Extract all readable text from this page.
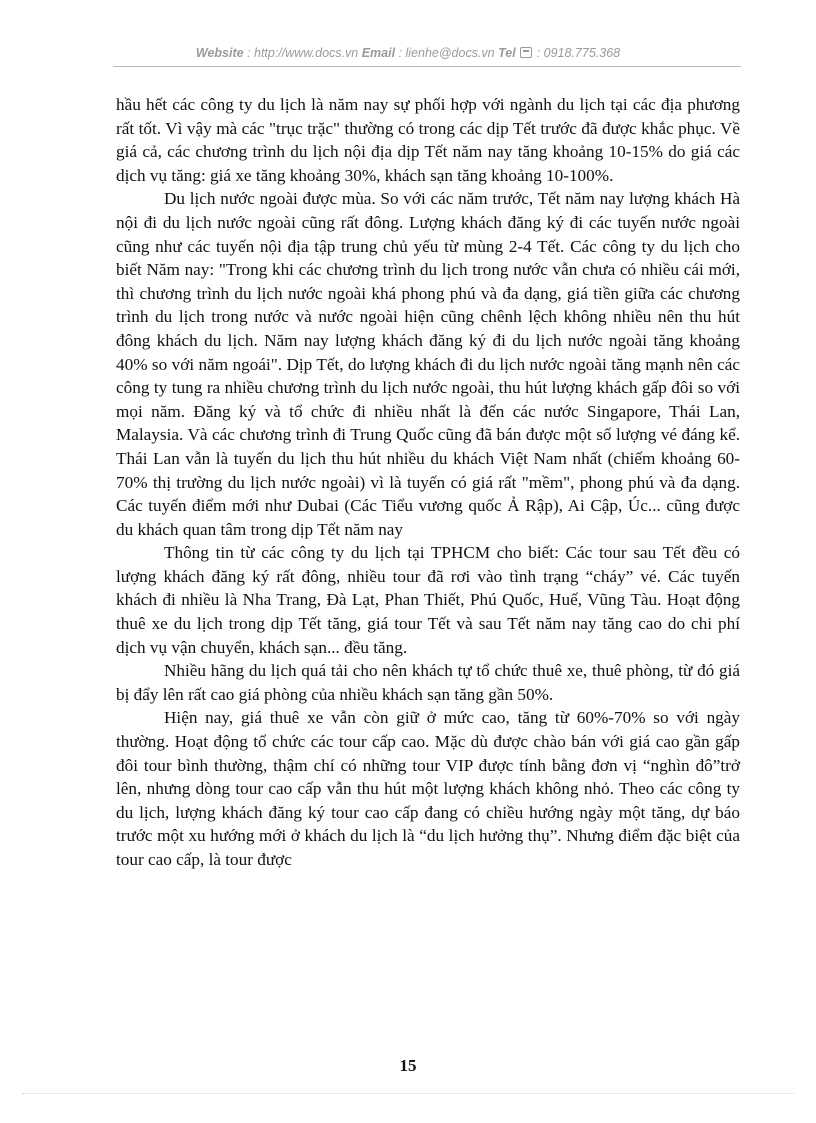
Website : http://www.docs.vn Email : lienhe@docs.vn Tel : 0918.775.368

hầu hết các công ty du lịch là năm nay sự phối hợp với ngành du lịch tại các địa phương rất tốt. Vì vậy mà các "trục trặc" thường có trong các dịp Tết trước đã được khắc phục. Về giá cả, các chương trình du lịch nội địa dịp Tết năm nay tăng khoảng 10-15% do giá các dịch vụ tăng: giá xe tăng khoảng 30%, khách sạn tăng khoảng 10-100%.

Du lịch nước ngoài được mùa. So với các năm trước, Tết năm nay lượng khách Hà nội đi du lịch nước ngoài cũng rất đông. Lượng khách đăng ký đi các tuyến nước ngoài cũng như các tuyến nội địa tập trung chủ yếu từ mùng 2-4 Tết. Các công ty du lịch cho biết Năm nay: "Trong khi các chương trình du lịch trong nước vẫn chưa có nhiều cái mới, thì chương trình du lịch nước ngoài khá phong phú và đa dạng, giá tiền giữa các chương trình du lịch trong nước và nước ngoài hiện cũng chênh lệch không nhiều nên thu hút đông khách du lịch. Năm nay lượng khách đăng ký đi du lịch nước ngoài tăng khoảng 40% so với năm ngoái". Dịp Tết, do lượng khách đi du lịch nước ngoài tăng mạnh nên các công ty tung ra nhiều chương trình du lịch nước ngoài, thu hút lượng khách gấp đôi so với mọi năm. Đăng ký và tổ chức đi nhiều nhất là đến các nước Singapore, Thái Lan, Malaysia. Và các chương trình đi Trung Quốc cũng đã bán được một số lượng vé đáng kể. Thái Lan vẫn là tuyến du lịch thu hút nhiều du khách Việt Nam nhất (chiếm khoảng 60-70% thị trường du lịch nước ngoài) vì là tuyến có giá rất "mềm", phong phú và đa dạng. Các tuyến điểm mới như Dubai (Các Tiểu vương quốc Ả Rập), Ai Cập, Úc... cũng được du khách quan tâm trong dịp Tết năm nay

Thông tin từ các công ty du lịch tại TPHCM cho biết: Các tour sau Tết đều có lượng khách đăng ký rất đông, nhiều tour đã rơi vào tình trạng “cháy” vé. Các tuyến khách đi nhiều là Nha Trang, Đà Lạt, Phan Thiết, Phú Quốc, Huế, Vũng Tàu. Hoạt động thuê xe du lịch trong dịp Tết tăng, giá tour Tết và sau Tết năm nay tăng cao do chi phí dịch vụ vận chuyển, khách sạn... đều tăng.

Nhiều hãng du lịch quá tải cho nên khách tự tổ chức thuê xe, thuê phòng, từ đó giá bị đẩy lên rất cao giá phòng của nhiều khách sạn tăng gần 50%.

Hiện nay, giá thuê xe vẫn còn giữ ở mức cao, tăng từ 60%-70% so với ngày thường. Hoạt động tổ chức các tour cấp cao. Mặc dù được chào bán với giá cao gần gấp đôi tour bình thường, thậm chí có những tour VIP được tính bằng đơn vị “nghìn đô”trở lên, nhưng dòng tour cao cấp vẫn thu hút một lượng khách không nhỏ. Theo các công ty du lịch, lượng khách đăng ký tour cao cấp đang có chiều hướng ngày một tăng, dự báo trước một xu hướng mới ở khách du lịch là “du lịch hưởng thụ”. Nhưng điểm đặc biệt của tour cao cấp, là tour được

15
